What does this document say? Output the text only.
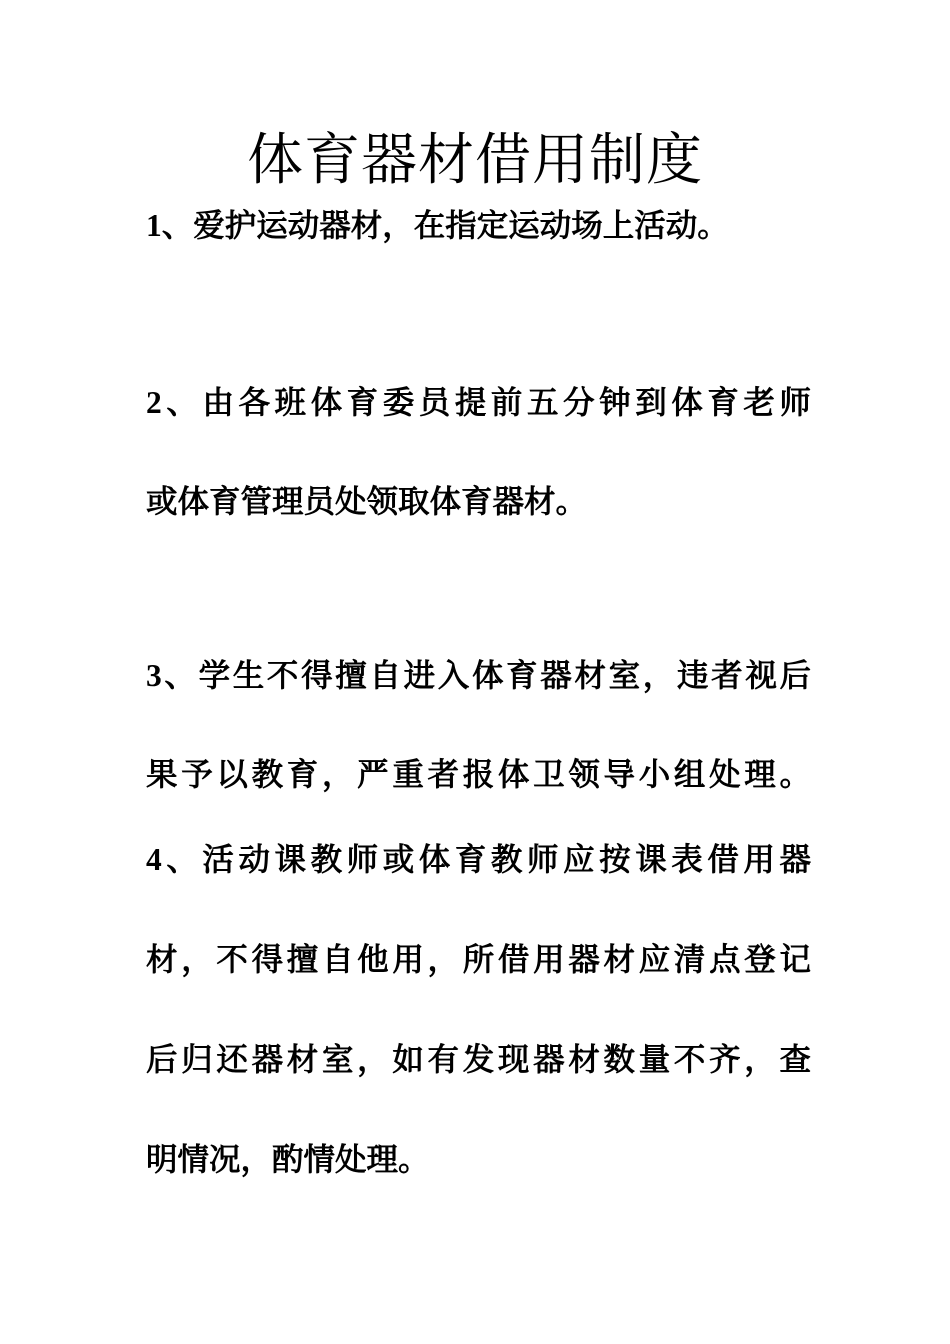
体育器材借用制度
1、爱护运动器材，在指定运动场上活动。
2、由各班体育委员提前五分钟到体育老师
或体育管理员处领取体育器材。
3、学生不得擅自进入体育器材室，违者视后
果予以教育，严重者报体卫领导小组处理。
4、活动课教师或体育教师应按课表借用器
材，不得擅自他用，所借用器材应清点登记
后归还器材室，如有发现器材数量不齐，查
明情况，酌情处理。
